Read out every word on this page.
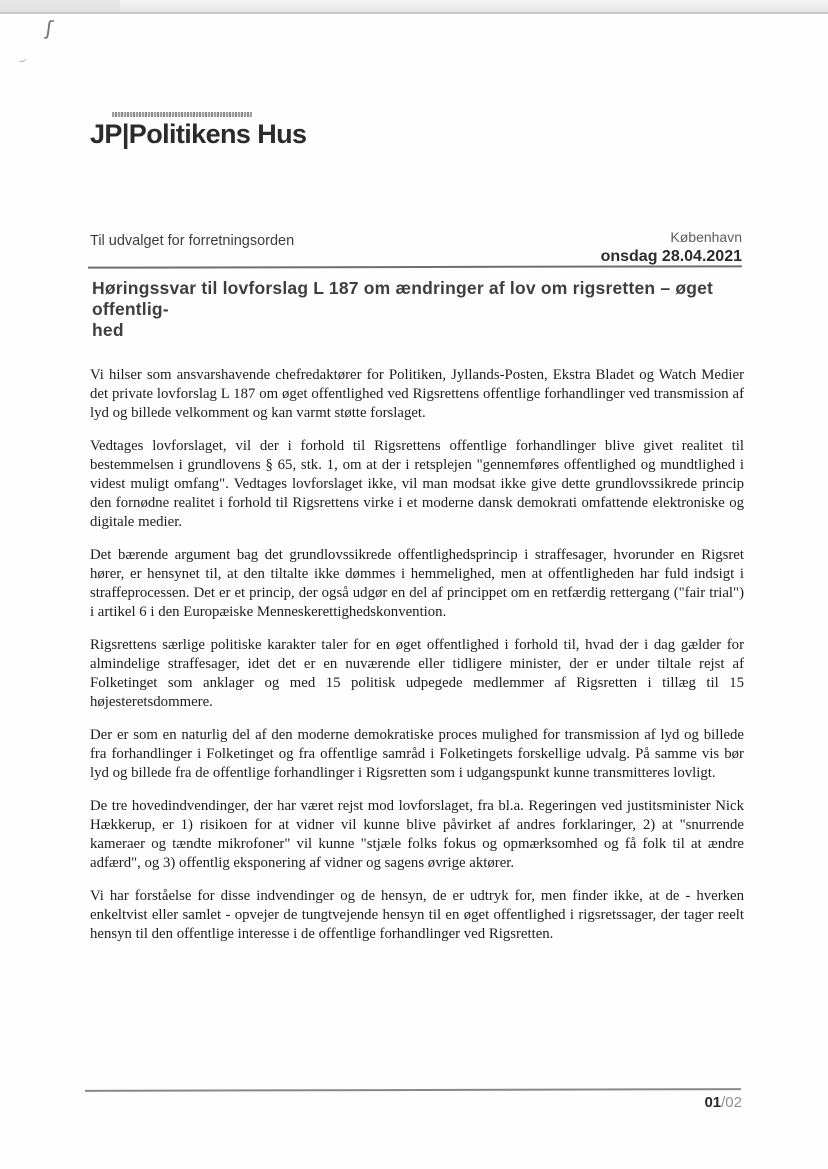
ʃ
⌣
JP|Politikens Hus
Til udvalget for forretningsorden	København
onsdag 28.04.2021
Høringssvar til lovforslag L 187 om ændringer af lov om rigsretten – øget offentlig-
hed

Vi hilser som ansvarshavende chefredaktører for Politiken, Jyllands-Posten, Ekstra Bladet og Watch Medier det private lovforslag L 187 om øget offentlighed ved Rigsrettens offentlige forhandlinger ved transmission af lyd og billede velkomment og kan varmt støtte forslaget.

Vedtages lovforslaget, vil der i forhold til Rigsrettens offentlige forhandlinger blive givet realitet til bestemmelsen i grundlovens § 65, stk. 1, om at der i retsplejen "gennemføres offentlighed og mundtlighed i videst muligt omfang". Vedtages lovforslaget ikke, vil man modsat ikke give dette grundlovssikrede princip den fornødne realitet i forhold til Rigsrettens virke i et moderne dansk demokrati omfattende elektroniske og digitale medier.

Det bærende argument bag det grundlovssikrede offentlighedsprincip i straffesager, hvorunder en Rigsret hører, er hensynet til, at den tiltalte ikke dømmes i hemmelighed, men at offentligheden har fuld indsigt i straffeprocessen. Det er et princip, der også udgør en del af princippet om en retfærdig rettergang ("fair trial") i artikel 6 i den Europæiske Menneskerettighedskonvention.

Rigsrettens særlige politiske karakter taler for en øget offentlighed i forhold til, hvad der i dag gælder for almindelige straffesager, idet det er en nuværende eller tidligere minister, der er under tiltale rejst af Folketinget som anklager og med 15 politisk udpegede medlemmer af Rigsretten i tillæg til 15 højesteretsdommere.

Der er som en naturlig del af den moderne demokratiske proces mulighed for transmission af lyd og billede fra forhandlinger i Folketinget og fra offentlige samråd i Folketingets forskellige udvalg. På samme vis bør lyd og billede fra de offentlige forhandlinger i Rigsretten som i udgangspunkt kunne transmitteres lovligt.

De tre hovedindvendinger, der har været rejst mod lovforslaget, fra bl.a. Regeringen ved justitsminister Nick Hækkerup, er 1) risikoen for at vidner vil kunne blive påvirket af andres forklaringer, 2) at "snurrende kameraer og tændte mikrofoner" vil kunne "stjæle folks fokus og opmærksomhed og få folk til at ændre adfærd", og 3) offentlig eksponering af vidner og sagens øvrige aktører.

Vi har forståelse for disse indvendinger og de hensyn, de er udtryk for, men finder ikke, at de - hverken enkeltvist eller samlet - opvejer de tungtvejende hensyn til en øget offentlighed i rigsretssager, der tager reelt hensyn til den offentlige interesse i de offentlige forhandlinger ved Rigsretten.

01/02
